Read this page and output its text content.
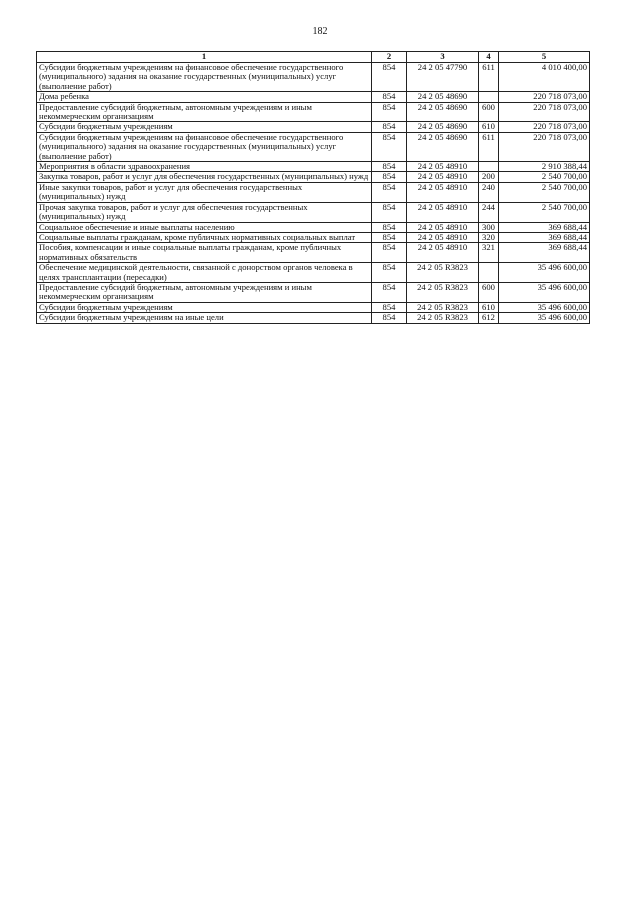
182
1	2	3	4	5
Субсидии бюджетным учреждениям на финансовое обеспечение государственного (муниципального) задания на оказание государственных (муниципальных) услуг (выполнение работ)	854	24 2 05 47790	611	4 010 400,00
Дома ребенка	854	24 2 05 48690		220 718 073,00
Предоставление субсидий бюджетным, автономным учреждениям и иным некоммерческим организациям	854	24 2 05 48690	600	220 718 073,00
Субсидии бюджетным учреждениям	854	24 2 05 48690	610	220 718 073,00
Субсидии бюджетным учреждениям на финансовое обеспечение государственного (муниципального) задания на оказание государственных (муниципальных) услуг (выполнение работ)	854	24 2 05 48690	611	220 718 073,00
Мероприятия в области здравоохранения	854	24 2 05 48910		2 910 388,44
Закупка товаров, работ и услуг для обеспечения государственных (муниципальных) нужд	854	24 2 05 48910	200	2 540 700,00
Иные закупки товаров, работ и услуг для обеспечения государственных (муниципальных) нужд	854	24 2 05 48910	240	2 540 700,00
Прочая закупка товаров, работ и услуг для обеспечения государственных (муниципальных) нужд	854	24 2 05 48910	244	2 540 700,00
Социальное обеспечение и иные выплаты населению	854	24 2 05 48910	300	369 688,44
Социальные выплаты гражданам, кроме публичных нормативных социальных выплат	854	24 2 05 48910	320	369 688,44
Пособия, компенсации и иные социальные выплаты гражданам, кроме публичных нормативных обязательств	854	24 2 05 48910	321	369 688,44
Обеспечение медицинской деятельности, связанной с донорством органов человека в целях трансплантации (пересадки)	854	24 2 05 R3823		35 496 600,00
Предоставление субсидий бюджетным, автономным учреждениям и иным некоммерческим организациям	854	24 2 05 R3823	600	35 496 600,00
Субсидии бюджетным учреждениям	854	24 2 05 R3823	610	35 496 600,00
Субсидии бюджетным учреждениям на иные цели	854	24 2 05 R3823	612	35 496 600,00
